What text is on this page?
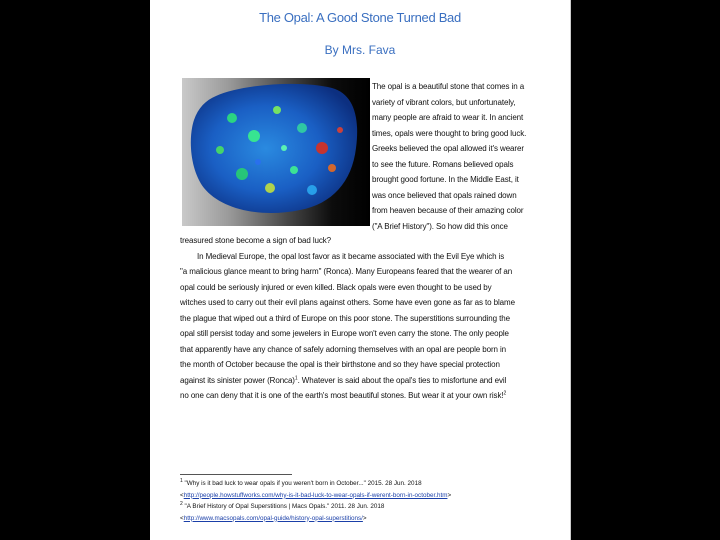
The Opal: A Good Stone Turned Bad
By Mrs. Fava
The opal is a beautiful stone that comes in a
variety of vibrant colors, but unfortunately,
many people are afraid to wear it. In ancient
times, opals were thought to bring good luck.
Greeks believed the opal allowed it's wearer
to see the future. Romans believed opals
brought good fortune. In the Middle East, it
was once believed that opals rained down
from heaven because of their amazing color
("A Brief History"). So how did this once
treasured stone become a sign of bad luck?
In Medieval Europe, the opal lost favor as it became associated with the Evil Eye which is
"a malicious glance meant to bring harm" (Ronca). Many Europeans feared that the wearer of an
opal could be seriously injured or even killed. Black opals were even thought to be used by
witches used to carry out their evil plans against others. Some have even gone as far as to blame
the plague that wiped out a third of Europe on this poor stone. The superstitions surrounding the
opal still persist today and some jewelers in Europe won't even carry the stone. The only people
that apparently have any chance of safely adorning themselves with an opal are people born in
the month of October because the opal is their birthstone and so they have special protection
against its sinister power (Ronca)$^1$. Whatever is said about the opal's ties to misfortune and evil
no one can deny that it is one of the earth's most beautiful stones. But wear it at your own risk!$^2$
$^1$ "Why is it bad luck to wear opals if you weren't born in October..." 2015. 28 Jun. 2018
<http://people.howstuffworks.com/why-is-it-bad-luck-to-wear-opals-if-werent-born-in-october.htm>
$^2$ "A Brief History of Opal Superstitions | Macs Opals." 2011. 28 Jun. 2018
<http://www.macsopals.com/opal-guide/history-opal-superstitions/>
